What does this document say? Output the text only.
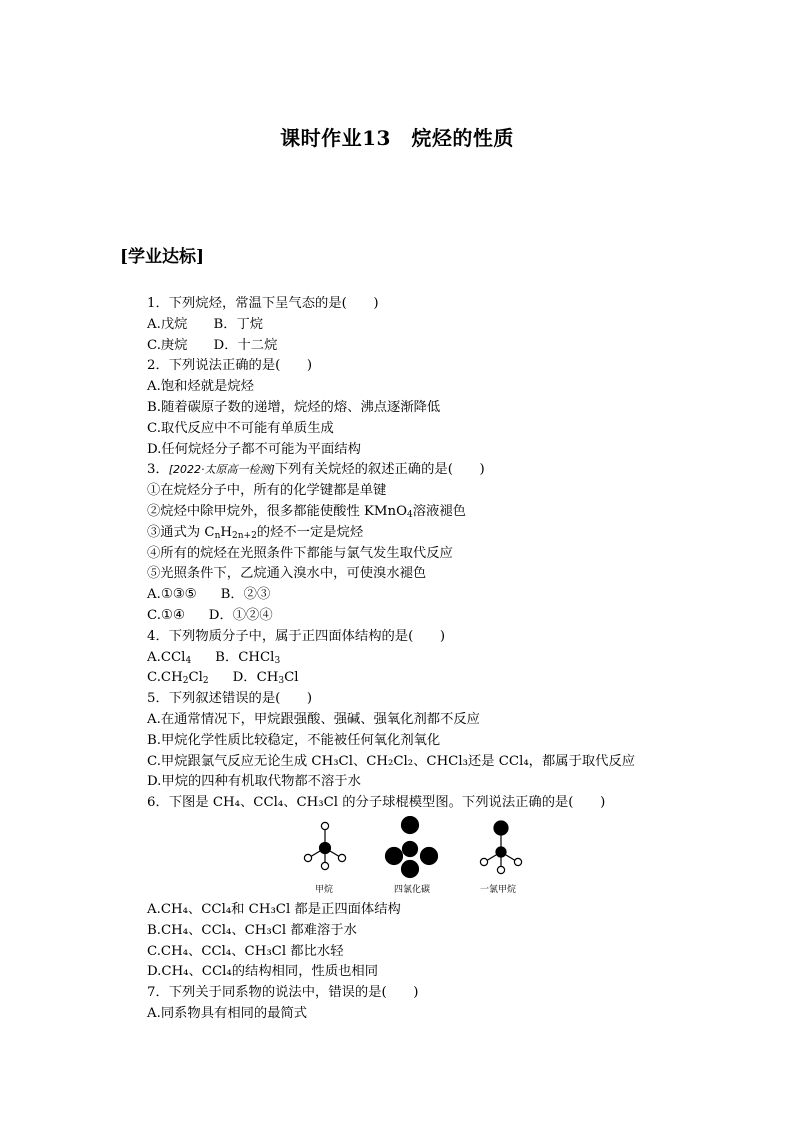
课时作业13　烷烃的性质
[学业达标]
1．下列烷烃，常温下呈气态的是(　　)
A.戊烷 B．丁烷
C.庚烷 D．十二烷
2．下列说法正确的是(　　)
A.饱和烃就是烷烃
B.随着碳原子数的递增，烷烃的熔、沸点逐渐降低
C.取代反应中不可能有单质生成
D.任何烷烃分子都不可能为平面结构
3．[2022·太原高一检测]下列有关烷烃的叙述正确的是(　　)
①在烷烃分子中，所有的化学键都是单键
②烷烃中除甲烷外，很多都能使酸性 KMnO$_4$溶液褪色
③通式为 $C_nH_{2n+2}$的烃不一定是烷烃
④所有的烷烃在光照条件下都能与氯气发生取代反应
⑤光照条件下，乙烷通入溴水中，可使溴水褪色
A.①③⑤ B．②③
C.①④ D．①②④
4．下列物质分子中，属于正四面体结构的是(　　)
A.CCl$_4$ B．CHCl$_3$
$C.CH_2Cl_2$ D．$CH_3Cl$
5．下列叙述错误的是(　　)
A.在通常情况下，甲烷跟强酸、强碱、强氧化剂都不反应
B.甲烷化学性质比较稳定，不能被任何氧化剂氧化
C.甲烷跟氯气反应无论生成 CH₃Cl、CH₂Cl₂、CHCl₃还是 CCl₄，都属于取代反应
D.甲烷的四种有机取代物都不溶于水
6．下图是 CH₄、CCl₄、CH₃Cl 的分子球棍模型图。下列说法正确的是(　　)
A.CH₄、CCl₄和 CH₃Cl 都是正四面体结构
B.CH₄、CCl₄、CH₃Cl 都难溶于水
C.CH₄、CCl₄、CH₃Cl 都比水轻
D.CH₄、CCl₄的结构相同，性质也相同
7．下列关于同系物的说法中，错误的是(　　)
A.同系物具有相同的最简式
甲烷	四氯化碳	一氯甲烷
